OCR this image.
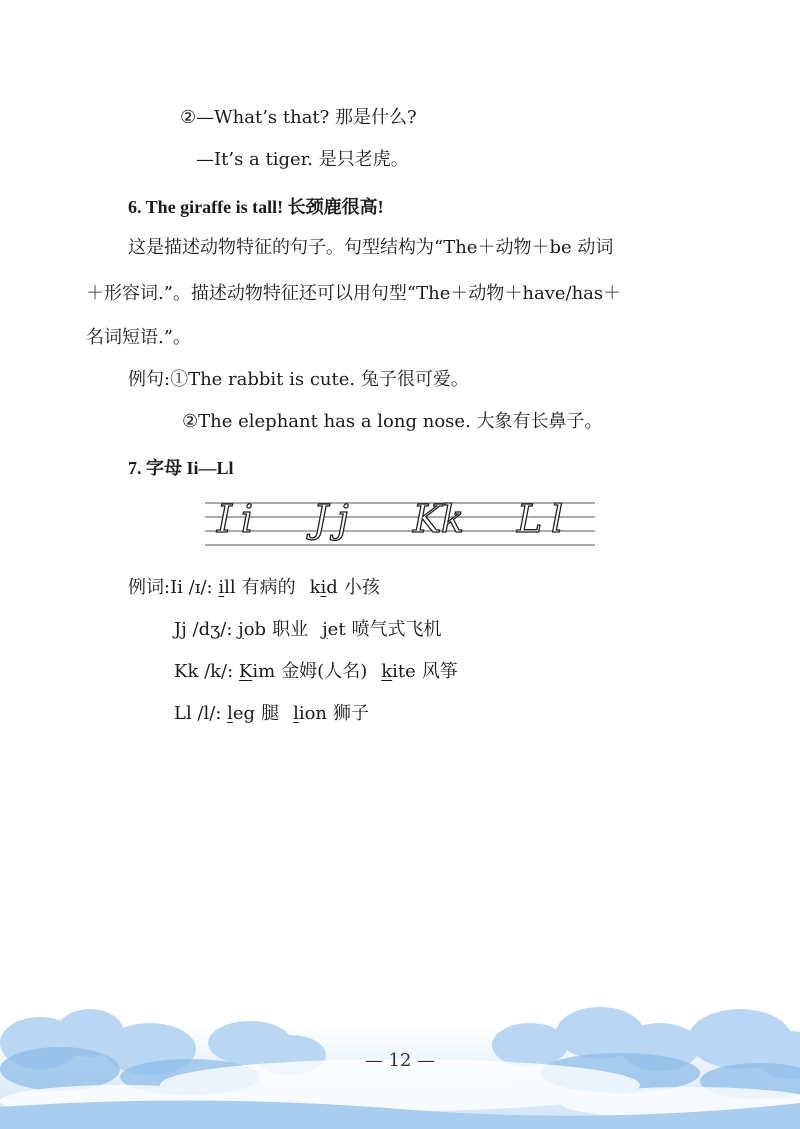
②—What’s that? 那是什么?
—It’s a tiger. 是只老虎。
6. The giraffe is tall! 长颈鹿很高!
这是描述动物特征的句子。句型结构为“The＋动物＋be 动词
＋形容词.”。描述动物特征还可以用句型“The＋动物＋have/has＋
名词短语.”。
例句:①The rabbit is cute. 兔子很可爱。
②The elephant has a long nose. 大象有长鼻子。
7. 字母 Ii—Ll
I i J j K k L l
例词:Ii /ɪ/: ill 有病的 kid 小孩
Jj /dʒ/: job 职业 jet 喷气式飞机
Kk /k/: Kim 金姆(人名) kite 风筝
Ll /l/: leg 腿 lion 狮子
— 12 —
